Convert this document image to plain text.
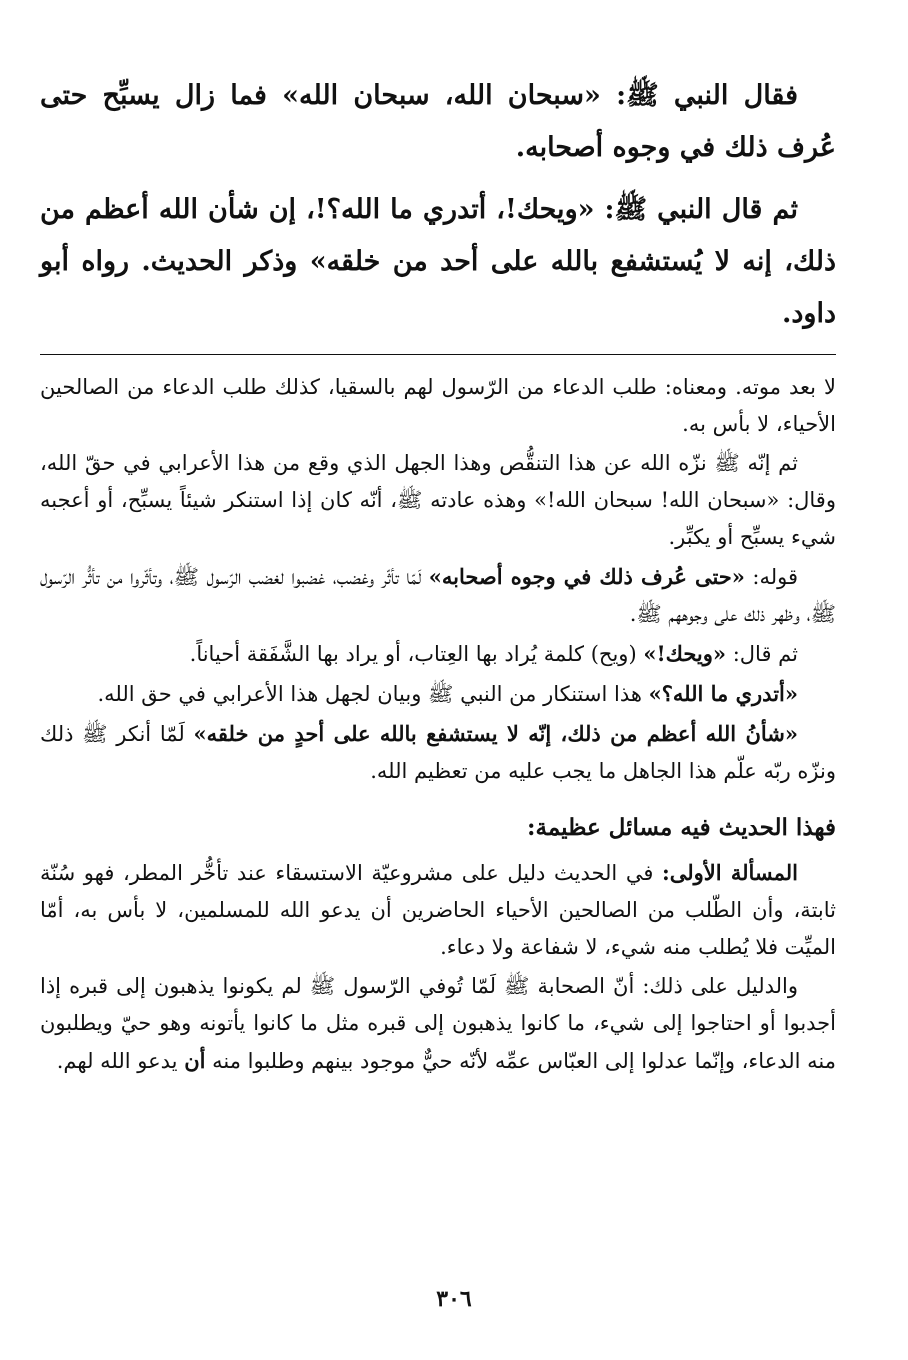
فقال النبي ﷺ: «سبحان الله، سبحان الله» فما زال يسبِّح حتى عُرف ذلك في وجوه أصحابه.

ثم قال النبي ﷺ: «ويحك!، أتدري ما الله؟!، إن شأن الله أعظم من ذلك، إنه لا يُستشفع بالله على أحد من خلقه» وذكر الحديث. رواه أبو داود.

لا بعد موته. ومعناه: طلب الدعاء من الرّسول لهم بالسقيا، كذلك طلب الدعاء من الصالحين الأحياء، لا بأس به.

ثم إنّه ﷺ نزّه الله عن هذا التنقُّص وهذا الجهل الذي وقع من هذا الأعرابي في حقّ الله، وقال: «سبحان الله! سبحان الله!» وهذه عادته ﷺ، أنّه كان إذا استنكر شيئاً يسبِّح، أو أعجبه شيء يسبِّح أو يكبِّر.

قوله: «حتى عُرف ذلك في وجوه أصحابه» لَمّا تأثّر وغضب، غضبوا لغضب الرّسول ﷺ، وتأثّروا من تأثُّر الرّسول ﷺ، وظهر ذلك على وجوههم ﷺ.

ثم قال: «ويحك!» (ويح) كلمة يُراد بها العِتاب، أو يراد بها الشَّفَقة أحياناً.

«أتدري ما الله؟» هذا استنكار من النبي ﷺ وبيان لجهل هذا الأعرابي في حق الله.

«شأنُ الله أعظم من ذلك، إنّه لا يستشفع بالله على أحدٍ من خلقه» لَمّا أنكر ﷺ ذلك ونزّه ربّه علّم هذا الجاهل ما يجب عليه من تعظيم الله.

فهذا الحديث فيه مسائل عظيمة:

المسألة الأولى: في الحديث دليل على مشروعيّة الاستسقاء عند تأخُّر المطر، فهو سُنّة ثابتة، وأن الطّلب من الصالحين الأحياء الحاضرين أن يدعو الله للمسلمين، لا بأس به، أمّا الميِّت فلا يُطلب منه شيء، لا شفاعة ولا دعاء.

والدليل على ذلك: أنّ الصحابة ﷺ لَمّا تُوفي الرّسول ﷺ لم يكونوا يذهبون إلى قبره إذا أجدبوا أو احتاجوا إلى شيء، ما كانوا يذهبون إلى قبره مثل ما كانوا يأتونه وهو حيّ ويطلبون منه الدعاء، وإنّما عدلوا إلى العبّاس عمِّه لأنّه حيٌّ موجود بينهم وطلبوا منه أن يدعو الله لهم.

٣٠٦
